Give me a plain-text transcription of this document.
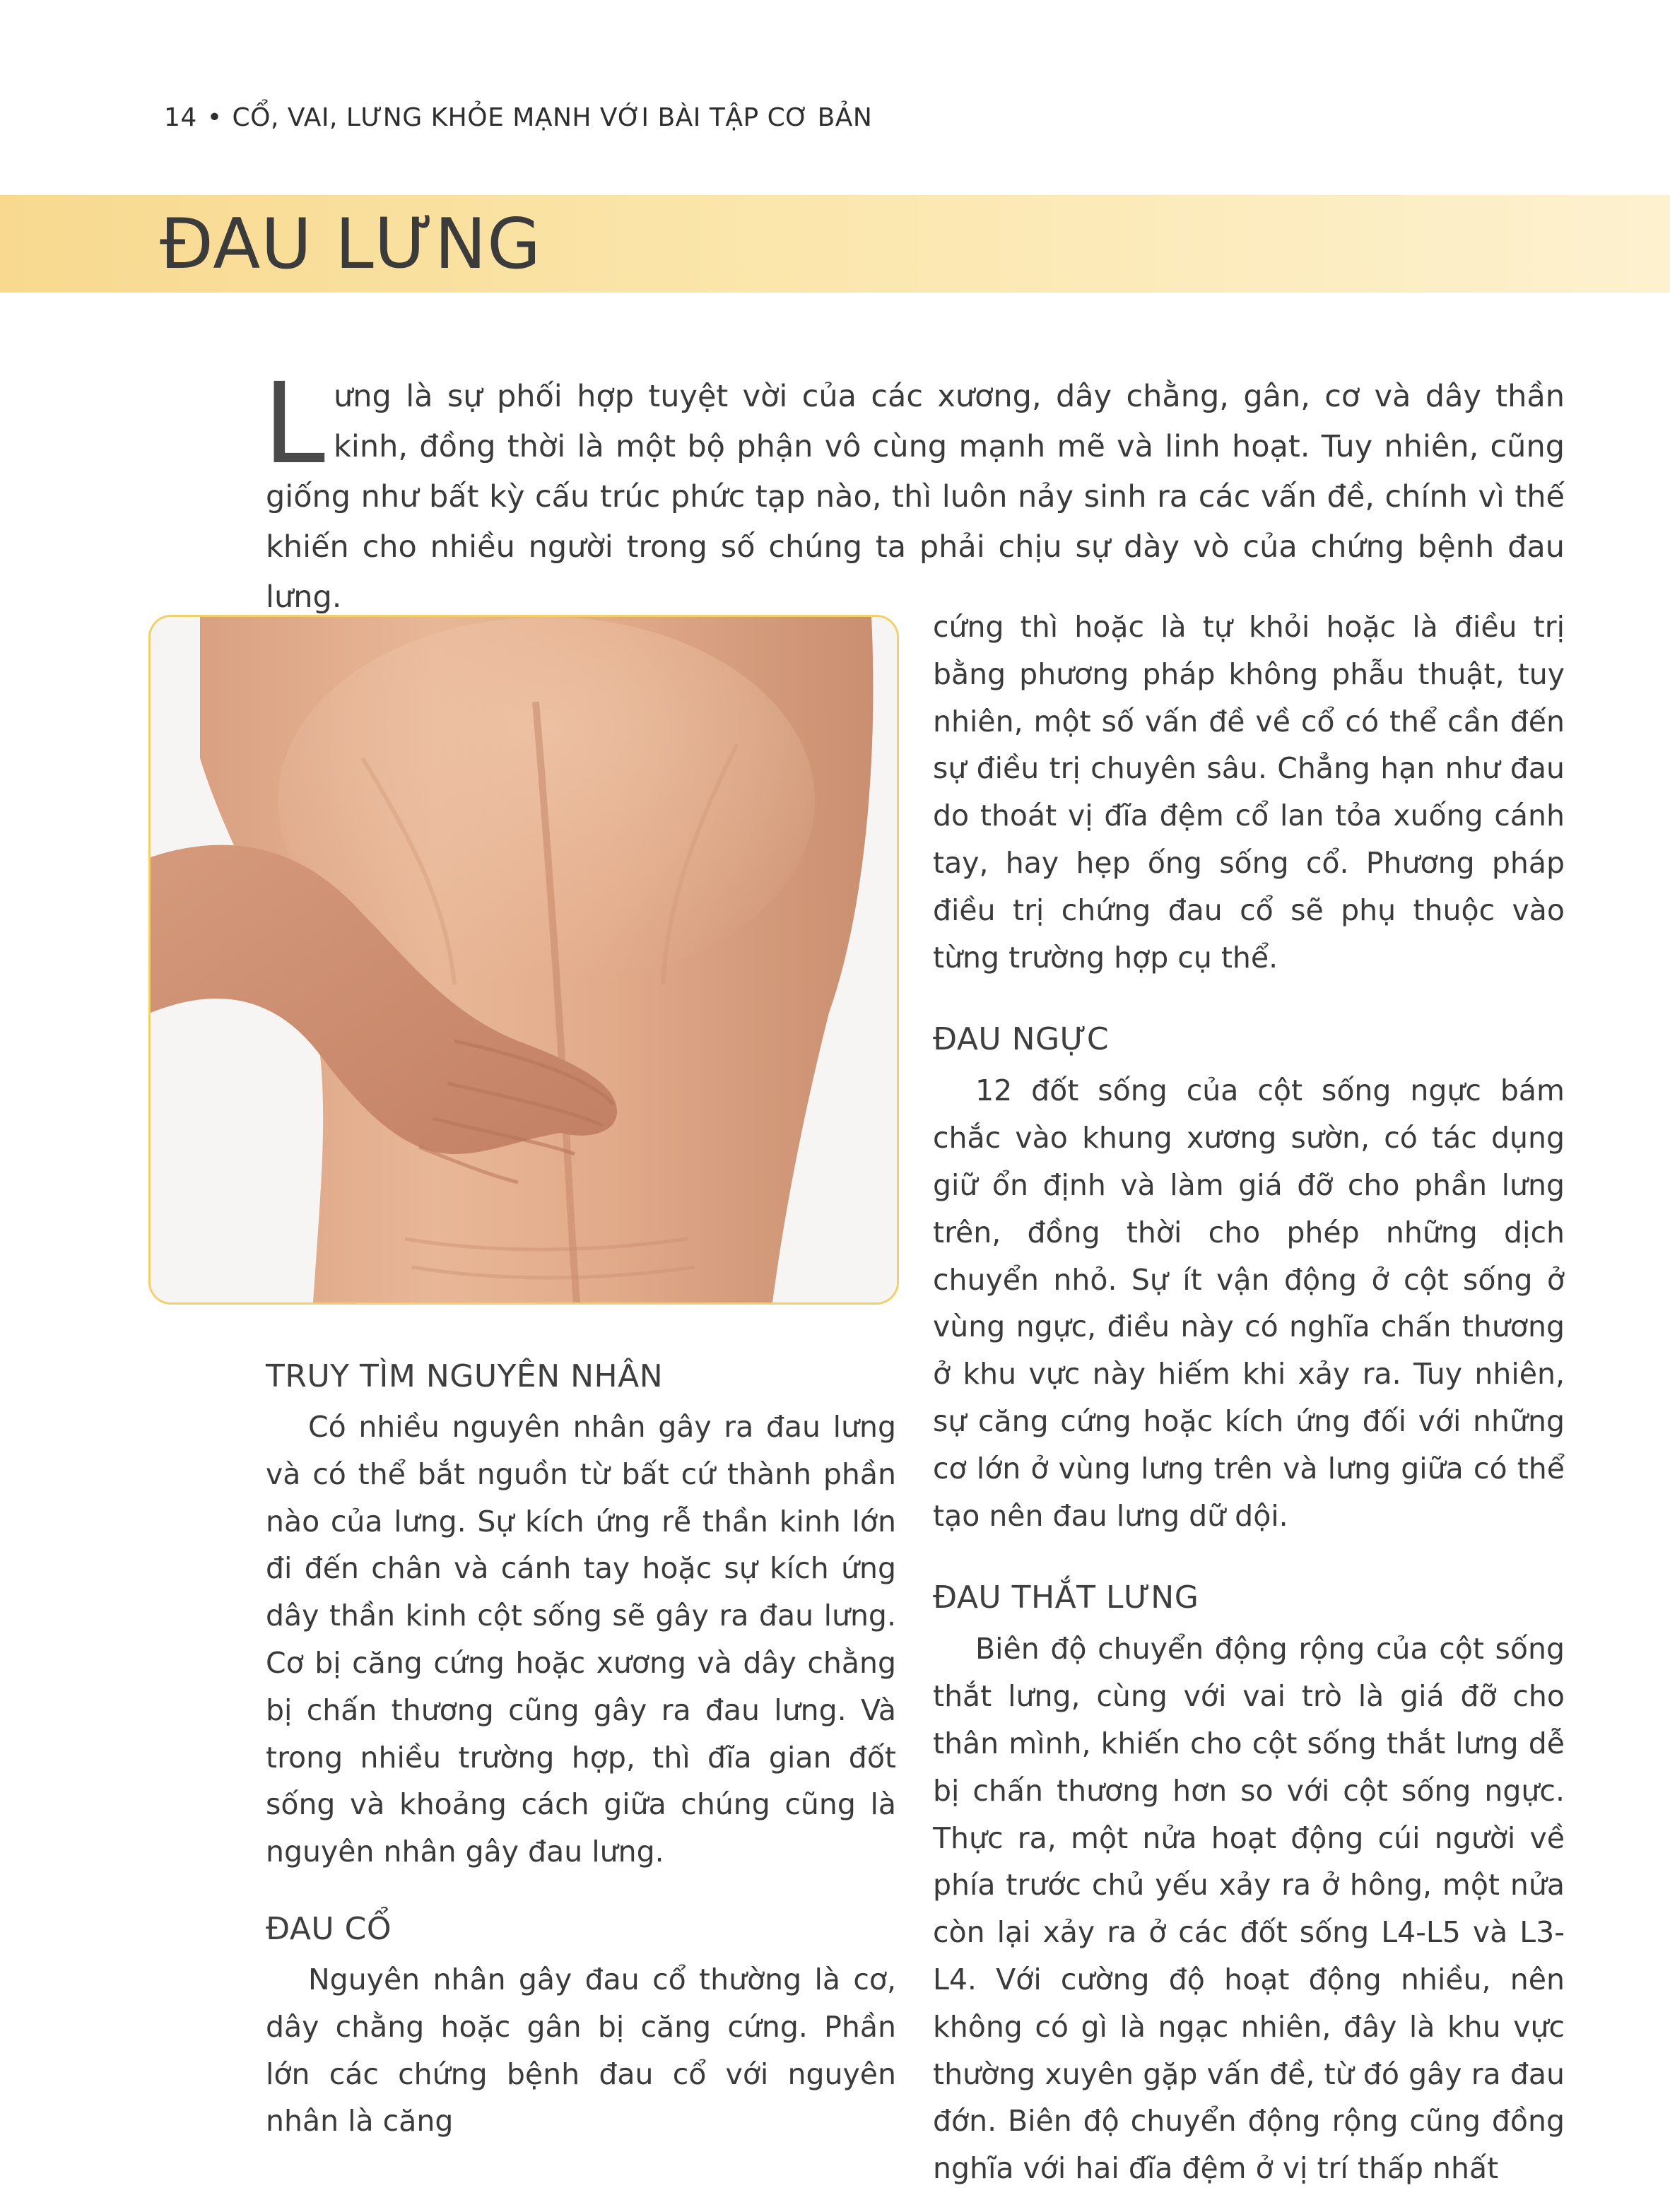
14 • CỔ, VAI, LƯNG KHỎE MẠNH VỚI BÀI TẬP CƠ BẢN
ĐAU LƯNG
Lưng là sự phối hợp tuyệt vời của các xương, dây chằng, gân, cơ và dây thần kinh, đồng thời là một bộ phận vô cùng mạnh mẽ và linh hoạt. Tuy nhiên, cũng giống như bất kỳ cấu trúc phức tạp nào, thì luôn nảy sinh ra các vấn đề, chính vì thế khiến cho nhiều người trong số chúng ta phải chịu sự dày vò của chứng bệnh đau lưng.
TRUY TÌM NGUYÊN NHÂN

Có nhiều nguyên nhân gây ra đau lưng và có thể bắt nguồn từ bất cứ thành phần nào của lưng. Sự kích ứng rễ thần kinh lớn đi đến chân và cánh tay hoặc sự kích ứng dây thần kinh cột sống sẽ gây ra đau lưng. Cơ bị căng cứng hoặc xương và dây chằng bị chấn thương cũng gây ra đau lưng. Và trong nhiều trường hợp, thì đĩa gian đốt sống và khoảng cách giữa chúng cũng là nguyên nhân gây đau lưng.

ĐAU CỔ

Nguyên nhân gây đau cổ thường là cơ, dây chằng hoặc gân bị căng cứng. Phần lớn các chứng bệnh đau cổ với nguyên nhân là căng

cứng thì hoặc là tự khỏi hoặc là điều trị bằng phương pháp không phẫu thuật, tuy nhiên, một số vấn đề về cổ có thể cần đến sự điều trị chuyên sâu. Chẳng hạn như đau do thoát vị đĩa đệm cổ lan tỏa xuống cánh tay, hay hẹp ống sống cổ. Phương pháp điều trị chứng đau cổ sẽ phụ thuộc vào từng trường hợp cụ thể.

ĐAU NGỰC

12 đốt sống của cột sống ngực bám chắc vào khung xương sườn, có tác dụng giữ ổn định và làm giá đỡ cho phần lưng trên, đồng thời cho phép những dịch chuyển nhỏ. Sự ít vận động ở cột sống ở vùng ngực, điều này có nghĩa chấn thương ở khu vực này hiếm khi xảy ra. Tuy nhiên, sự căng cứng hoặc kích ứng đối với những cơ lớn ở vùng lưng trên và lưng giữa có thể tạo nên đau lưng dữ dội.

ĐAU THẮT LƯNG

Biên độ chuyển động rộng của cột sống thắt lưng, cùng với vai trò là giá đỡ cho thân mình, khiến cho cột sống thắt lưng dễ bị chấn thương hơn so với cột sống ngực. Thực ra, một nửa hoạt động cúi người về phía trước chủ yếu xảy ra ở hông, một nửa còn lại xảy ra ở các đốt sống L4-L5 và L3-L4. Với cường độ hoạt động nhiều, nên không có gì là ngạc nhiên, đây là khu vực thường xuyên gặp vấn đề, từ đó gây ra đau đớn. Biên độ chuyển động rộng cũng đồng nghĩa với hai đĩa đệm ở vị trí thấp nhất
